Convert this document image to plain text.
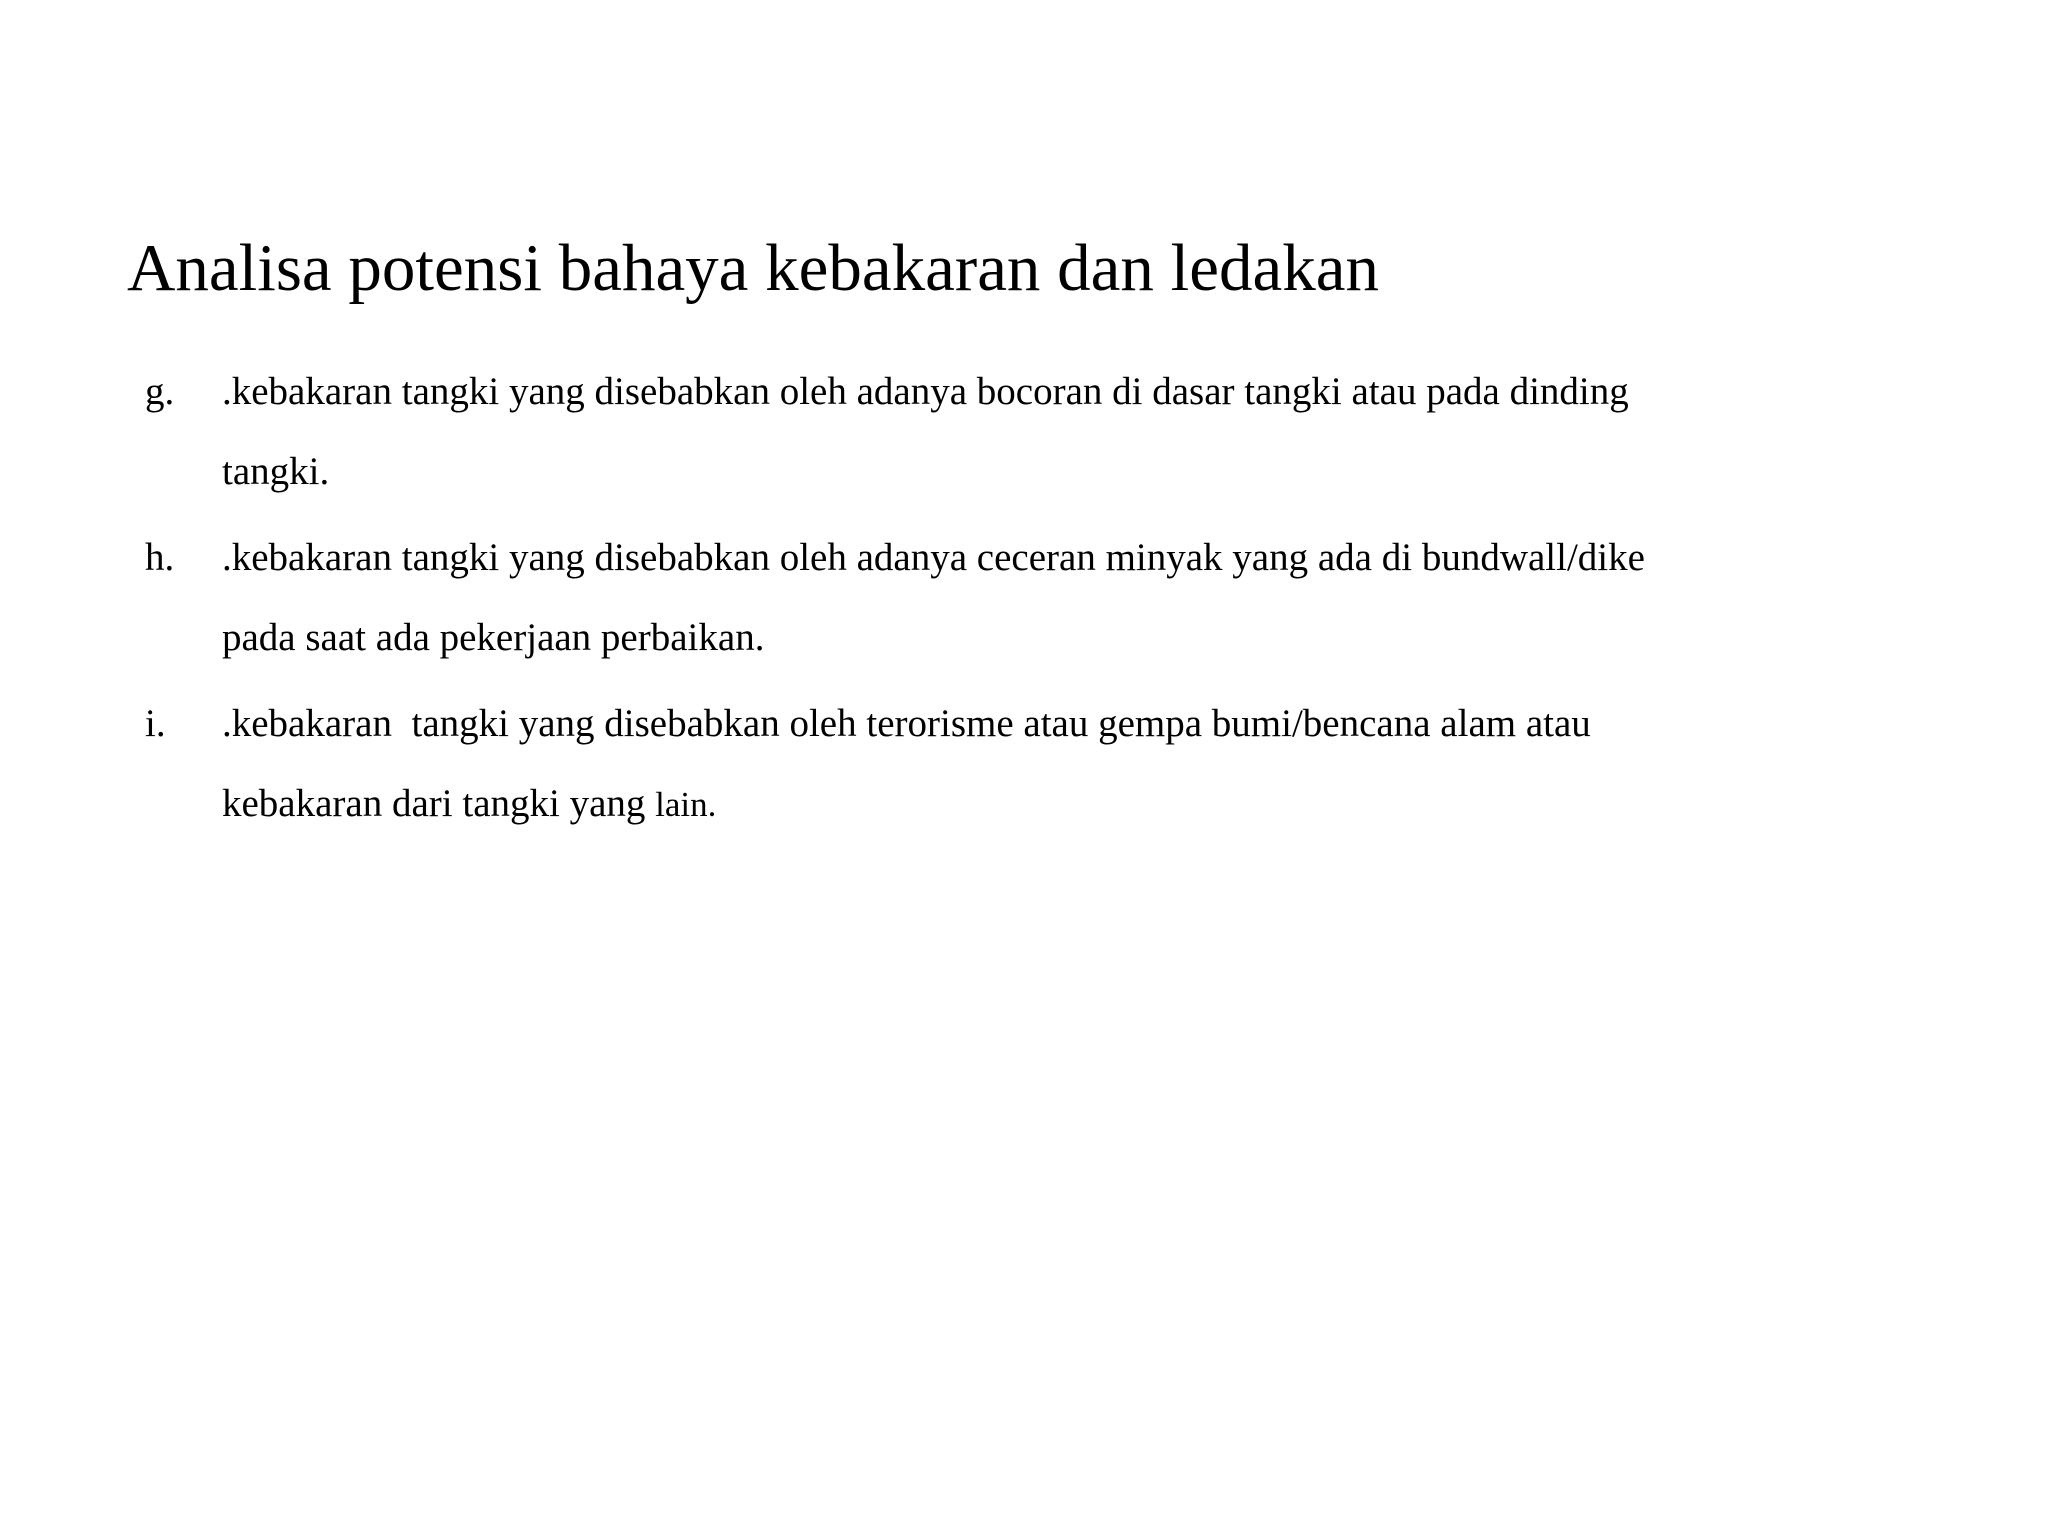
Analisa potensi bahaya kebakaran dan ledakan
g. .kebakaran tangki yang disebabkan oleh adanya bocoran di dasar tangki atau pada dinding
tangki.
h. .kebakaran tangki yang disebabkan oleh adanya ceceran minyak yang ada di bundwall/dike
pada saat ada pekerjaan perbaikan.
i. .kebakaran  tangki yang disebabkan oleh terorisme atau gempa bumi/bencana alam atau
kebakaran dari tangki yang lain.
